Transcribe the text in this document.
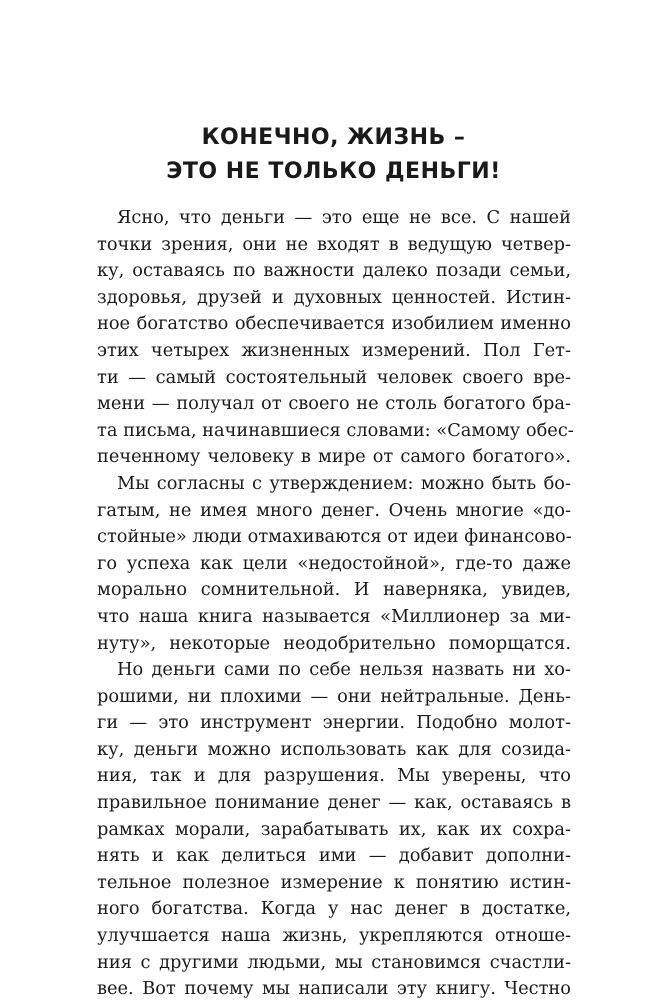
КОНЕЧНО, ЖИЗНЬ –
ЭТО НЕ ТОЛЬКО ДЕНЬГИ!
Ясно, что деньги — это еще не все. С нашей
точки зрения, они не входят в ведущую четвер-
ку, оставаясь по важности далеко позади семьи,
здоровья, друзей и духовных ценностей. Истин-
ное богатство обеспечивается изобилием именно
этих четырех жизненных измерений. Пол Гет-
ти — самый состоятельный человек своего вре-
мени — получал от своего не столь богатого бра-
та письма, начинавшиеся словами: «Самому обес-
печенному человеку в мире от самого богатого».
Мы согласны с утверждением: можно быть бо-
гатым, не имея много денег. Очень многие «до-
стойные» люди отмахиваются от идеи финансово-
го успеха как цели «недостойной», где-то даже
морально сомнительной. И наверняка, увидев,
что наша книга называется «Миллионер за ми-
нуту», некоторые неодобрительно поморщатся.
Но деньги сами по себе нельзя назвать ни хо-
рошими, ни плохими — они нейтральные. День-
ги — это инструмент энергии. Подобно молот-
ку, деньги можно использовать как для созида-
ния, так и для разрушения. Мы уверены, что
правильное понимание денег — как, оставаясь в
рамках морали, зарабатывать их, как их сохра-
нять и как делиться ими — добавит дополни-
тельное полезное измерение к понятию истин-
ного богатства. Когда у нас денег в достатке,
улучшается наша жизнь, укрепляются отноше-
ния с другими людьми, мы становимся счастли-
вее. Вот почему мы написали эту книгу. Честно
